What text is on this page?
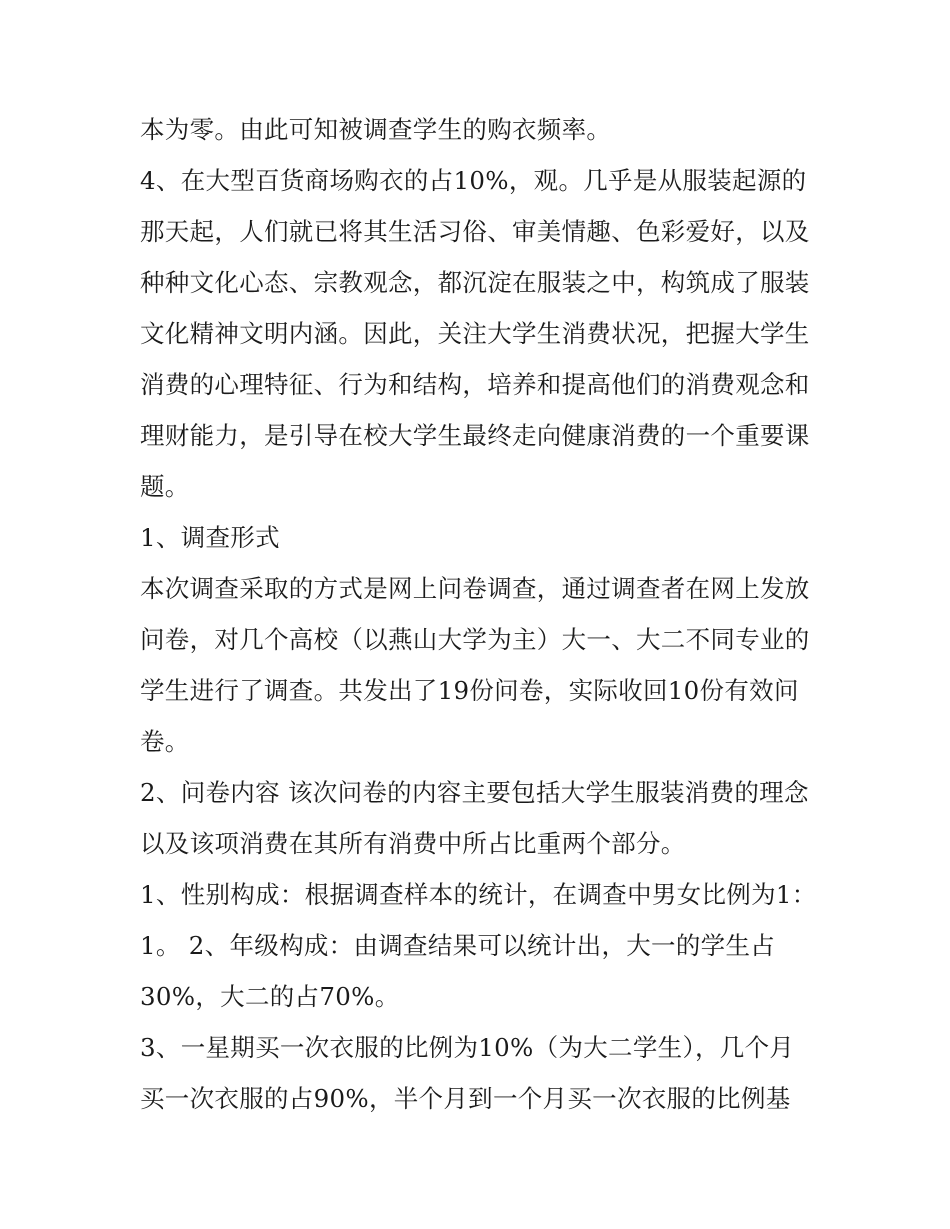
本为零。由此可知被调查学生的购衣频率。
4、在大型百货商场购衣的占10%，观。几乎是从服装起源的
那天起，人们就已将其生活习俗、审美情趣、色彩爱好，以及
种种文化心态、宗教观念，都沉淀在服装之中，构筑成了服装
文化精神文明内涵。因此，关注大学生消费状况，把握大学生
消费的心理特征、行为和结构，培养和提高他们的消费观念和
理财能力，是引导在校大学生最终走向健康消费的一个重要课
题。
1、调查形式
本次调查采取的方式是网上问卷调查，通过调查者在网上发放
问卷，对几个高校（以燕山大学为主）大一、大二不同专业的
学生进行了调查。共发出了19份问卷，实际收回10份有效问
卷。
2、问卷内容 该次问卷的内容主要包括大学生服装消费的理念
以及该项消费在其所有消费中所占比重两个部分。
1、性别构成：根据调查样本的统计，在调查中男女比例为1：
1。 2、年级构成：由调查结果可以统计出，大一的学生占
30%，大二的占70%。
3、一星期买一次衣服的比例为10%（为大二学生），几个月
买一次衣服的占90%，半个月到一个月买一次衣服的比例基
